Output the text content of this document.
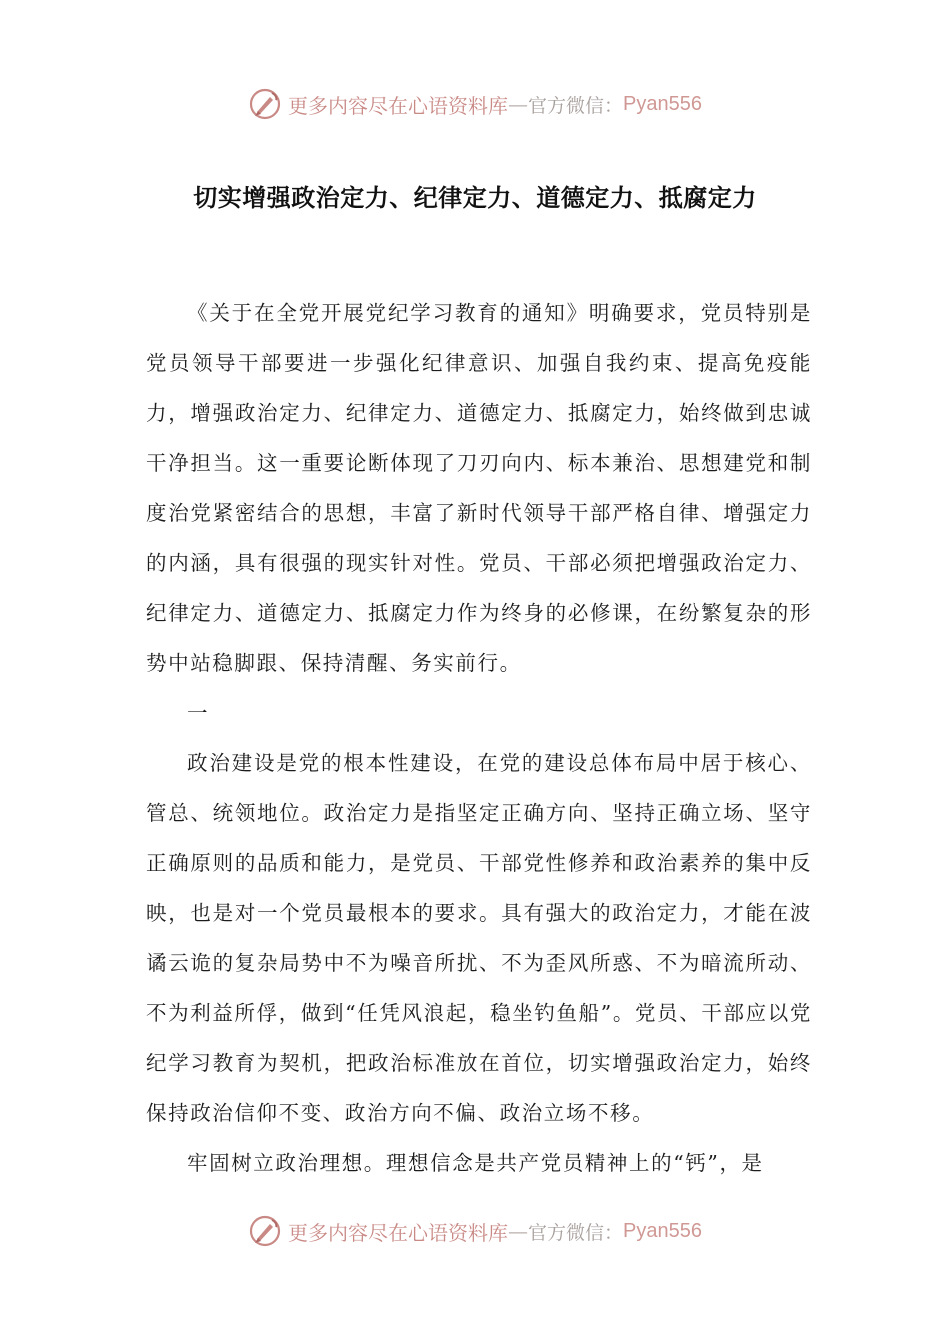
更多内容尽在心语资料库 — 官方微信： Pyan556
切实增强政治定力、纪律定力、道德定力、抵腐定力

《关于在全党开展党纪学习教育的通知》明确要求，党员特别是党员领导干部要进一步强化纪律意识、加强自我约束、提高免疫能力，增强政治定力、纪律定力、道德定力、抵腐定力，始终做到忠诚干净担当。这一重要论断体现了刀刃向内、标本兼治、思想建党和制度治党紧密结合的思想，丰富了新时代领导干部严格自律、增强定力的内涵，具有很强的现实针对性。党员、干部必须把增强政治定力、纪律定力、道德定力、抵腐定力作为终身的必修课，在纷繁复杂的形势中站稳脚跟、保持清醒、务实前行。

一

政治建设是党的根本性建设，在党的建设总体布局中居于核心、管总、统领地位。政治定力是指坚定正确方向、坚持正确立场、坚守正确原则的品质和能力，是党员、干部党性修养和政治素养的集中反映，也是对一个党员最根本的要求。具有强大的政治定力，才能在波谲云诡的复杂局势中不为噪音所扰、不为歪风所惑、不为暗流所动、不为利益所俘，做到“任凭风浪起，稳坐钓鱼船”。党员、干部应以党纪学习教育为契机，把政治标准放在首位，切实增强政治定力，始终保持政治信仰不变、政治方向不偏、政治立场不移。

牢固树立政治理想。理想信念是共产党员精神上的“钙”，是

更多内容尽在心语资料库 — 官方微信： Pyan556
